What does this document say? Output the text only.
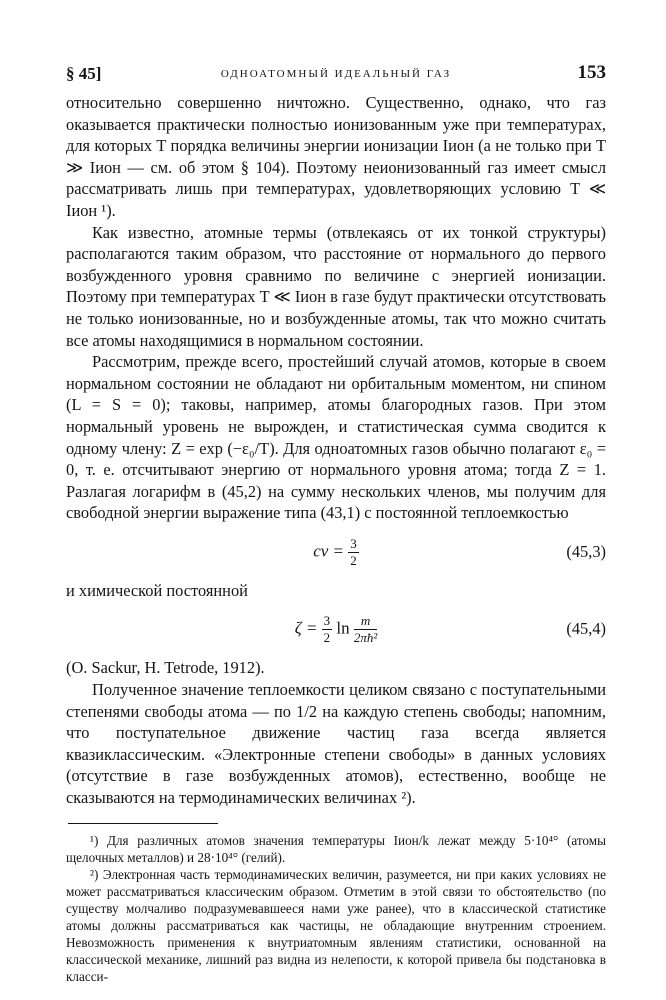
§ 45]	ОДНОАТОМНЫЙ ИДЕАЛЬНЫЙ ГАЗ	153

относительно совершенно ничтожно. Существенно, однако, что газ оказывается практически полностью ионизованным уже при температурах, для которых T порядка величины энергии ионизации Iион (а не только при T ≫ Iион — см. об этом § 104). Поэтому неионизованный газ имеет смысл рассматривать лишь при температурах, удовлетворяющих условию T ≪ Iион ¹).

Как известно, атомные термы (отвлекаясь от их тонкой структуры) располагаются таким образом, что расстояние от нормального до первого возбужденного уровня сравнимо по величине с энергией ионизации. Поэтому при температурах T ≪ Iион в газе будут практически отсутствовать не только ионизованные, но и возбужденные атомы, так что можно считать все атомы находящимися в нормальном состоянии.

Рассмотрим, прежде всего, простейший случай атомов, которые в своем нормальном состоянии не обладают ни орбитальным моментом, ни спином (L = S = 0); таковы, например, атомы благородных газов. При этом нормальный уровень не вырожден, и статистическая сумма сводится к одному члену: Z = exp (−ε₀/T). Для одноатомных газов обычно полагают ε₀ = 0, т. е. отсчитывают энергию от нормального уровня атома; тогда Z = 1. Разлагая логарифм в (45,2) на сумму нескольких членов, мы получим для свободной энергии выражение типа (43,1) с постоянной теплоемкостью

cv = $\frac{3}{2}$	(45,3)

и химической постоянной

$\zeta = \frac{3}{2}$ $\ln \frac{m}{\text{2πħ²}}$	(45,4)

(O. Sackur, H. Tetrode, 1912).

Полученное значение теплоемкости целиком связано с поступательными степенями свободы атома — по 1/2 на каждую степень свободы; напомним, что поступательное движение частиц газа всегда является квазиклассическим. «Электронные степени свободы» в данных условиях (отсутствие в газе возбужденных атомов), естественно, вообще не сказываются на термодинамических величинах ²).

¹) Для различных атомов значения температуры Iион/k лежат между 5·10⁴° (атомы щелочных металлов) и 28·10⁴° (гелий).

²) Электронная часть термодинамических величин, разумеется, ни при каких условиях не может рассматриваться классическим образом. Отметим в этой связи то обстоятельство (по существу молчаливо подразумевавшееся нами уже ранее), что в классической статистике атомы должны рассматриваться как частицы, не обладающие внутренним строением. Невозможность применения к внутриатомным явлениям статистики, основанной на классической механике, лишний раз видна из нелепости, к которой привела бы подстановка в класси-
